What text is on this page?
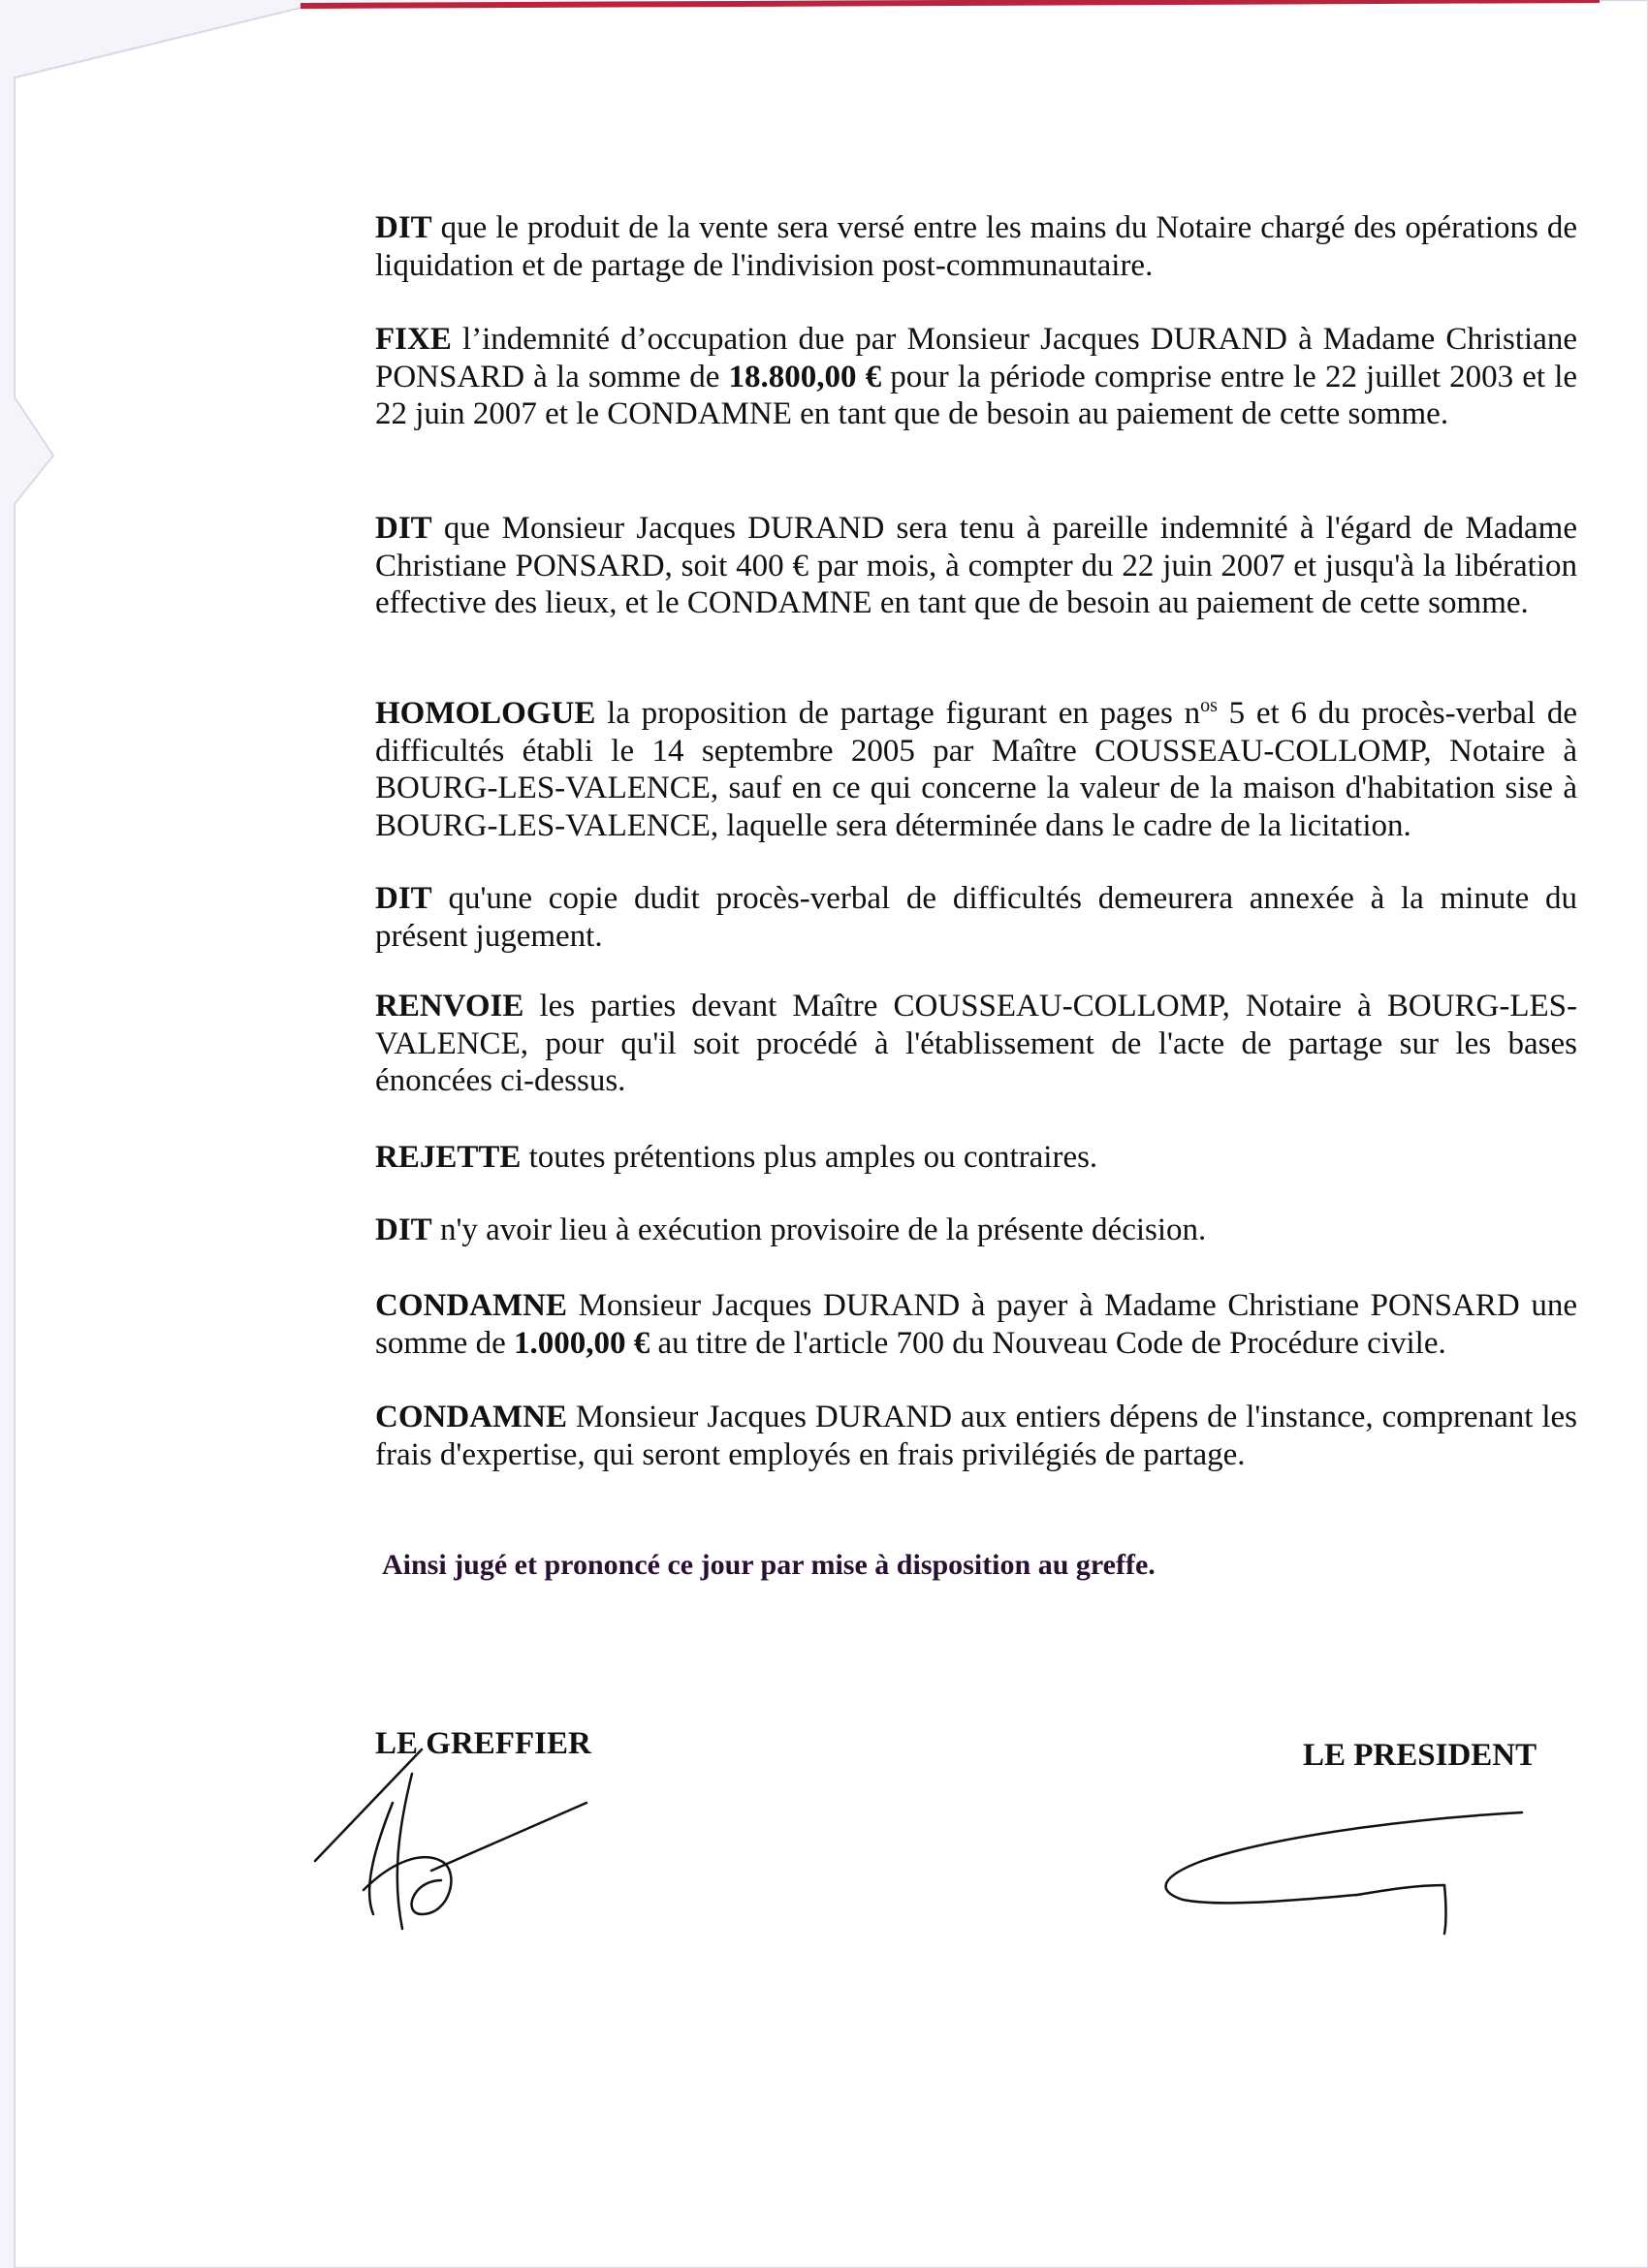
DIT que le produit de la vente sera versé entre les mains du Notaire chargé des opérations de liquidation et de partage de l'indivision post-communautaire.

FIXE l’indemnité d’occupation due par Monsieur Jacques DURAND à Madame Christiane PONSARD à la somme de 18.800,00 € pour la période comprise entre le 22 juillet 2003 et le 22 juin 2007 et le CONDAMNE en tant que de besoin au paiement de cette somme.

DIT que Monsieur Jacques DURAND sera tenu à pareille indemnité à l'égard de Madame Christiane PONSARD, soit 400 € par mois, à compter du 22 juin 2007 et jusqu'à la libération effective des lieux, et le CONDAMNE en tant que de besoin au paiement de cette somme.

HOMOLOGUE la proposition de partage figurant en pages $n^{os}$ 5 et 6 du procès-verbal de difficultés établi le 14 septembre 2005 par Maître COUSSEAU-COLLOMP, Notaire à BOURG-LES-VALENCE, sauf en ce qui concerne la valeur de la maison d'habitation sise à BOURG-LES-VALENCE, laquelle sera déterminée dans le cadre de la licitation.

DIT qu'une copie dudit procès-verbal de difficultés demeurera annexée à la minute du présent jugement.

RENVOIE les parties devant Maître COUSSEAU-COLLOMP, Notaire à BOURG-LES-VALENCE, pour qu'il soit procédé à l'établissement de l'acte de partage sur les bases énoncées ci-dessus.

REJETTE toutes prétentions plus amples ou contraires.

DIT n'y avoir lieu à exécution provisoire de la présente décision.

CONDAMNE Monsieur Jacques DURAND à payer à Madame Christiane PONSARD une somme de 1.000,00 € au titre de l'article 700 du Nouveau Code de Procédure civile.

CONDAMNE Monsieur Jacques DURAND aux entiers dépens de l'instance, comprenant les frais d'expertise, qui seront employés en frais privilégiés de partage.

Ainsi jugé et prononcé ce jour par mise à disposition au greffe.
LE GREFFIER	LE PRESIDENT
